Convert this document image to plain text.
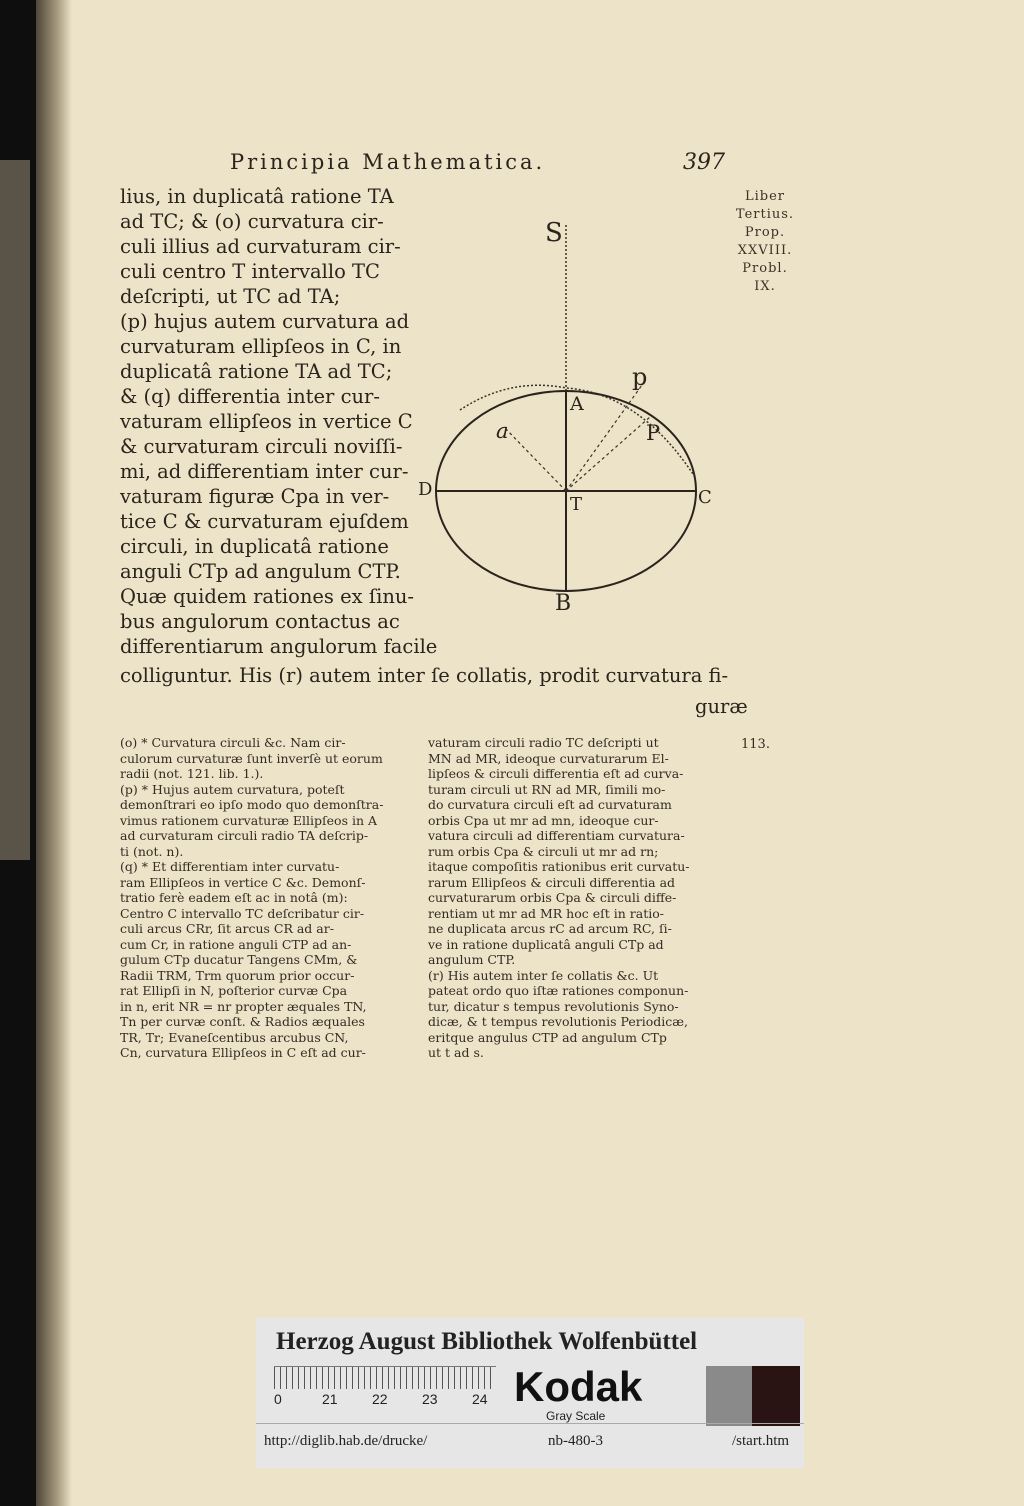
Principia Mathematica.	397
Liber
Tertius.
Prop.
XXVIII.
Probl.
IX.
lius, in duplicatâ ratione TA
ad TC; & (o) curvatura cir-
culi illius ad curvaturam cir-
culi centro T intervallo TC
deſcripti, ut TC ad TA;
(p) hujus autem curvatura ad
curvaturam ellipſeos in C, in
duplicatâ ratione TA ad TC;
& (q) differentia inter cur-
vaturam ellipſeos in vertice C
& curvaturam circuli noviſſi-
mi, ad differentiam inter cur-
vaturam figuræ Cpa in ver-
tice C & curvaturam ejuſdem
circuli, in duplicatâ ratione
anguli CTp ad angulum CTP.
Quæ quidem rationes ex ſinu-
bus angulorum contactus ac
differentiarum angulorum facile
S
p
A
a	P
D
T	C
B
colliguntur. His (r) autem inter ſe collatis, prodit curvatura fi-
guræ
(o) * Curvatura circuli &c. Nam cir-
culorum curvaturæ ſunt inverſè ut eorum
radii (not. 121. lib. 1.).
(p) * Hujus autem curvatura, poteſt
demonſtrari eo ipſo modo quo demonſtra-
vimus rationem curvaturæ Ellipſeos in A
ad curvaturam circuli radio TA deſcrip-
ti (not. n).
(q) * Et differentiam inter curvatu-
ram Ellipſeos in vertice C &c. Demonſ-
tratio ferè eadem eſt ac in notâ (m):
Centro C intervallo TC deſcribatur cir-
culi arcus CRr, ſit arcus CR ad ar-
cum Cr, in ratione anguli CTP ad an-
gulum CTp ducatur Tangens CMm, &
Radii TRM, Trm quorum prior occur-
rat Ellipſi in N, poſterior curvæ Cpa
in n, erit NR = nr propter æquales TN,
Tn per curvæ conſt. & Radios æquales
TR, Tr; Evaneſcentibus arcubus CN,
Cn, curvatura Ellipſeos in C eſt ad cur-
vaturam circuli radio TC deſcripti ut
MN ad MR, ideoque curvaturarum El-
lipſeos & circuli differentia eſt ad curva-
turam circuli ut RN ad MR, ſimili mo-
do curvatura circuli eſt ad curvaturam
orbis Cpa ut mr ad mn, ideoque cur-
vatura circuli ad differentiam curvatura-
rum orbis Cpa & circuli ut mr ad rn;
itaque compoſitis rationibus erit curvatu-
rarum Ellipſeos & circuli differentia ad
curvaturarum orbis Cpa & circuli diffe-
rentiam ut mr ad MR hoc eſt in ratio-
ne duplicata arcus rC ad arcum RC, ſi-
ve in ratione duplicatâ anguli CTp ad
angulum CTP.
(r) His autem inter ſe collatis &c. Ut
pateat ordo quo iſtæ rationes componun-
tur, dicatur s tempus revolutionis Syno-
dicæ, & t tempus revolutionis Periodicæ,
eritque angulus CTP ad angulum CTp
ut t ad s.
113.
Herzog August Bibliothek Wolfenbüttel
0	21 22 23 24 Kodak
Gray Scale
http://diglib.hab.de/drucke/	nb-480-3	/start.htm
